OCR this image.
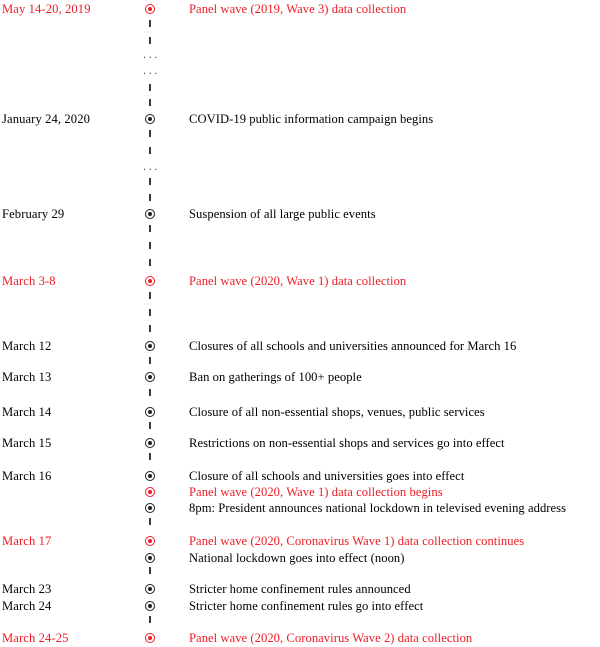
···
···
···
May 14-20, 2019	Panel wave (2019, Wave 3) data collection
January 24, 2020	COVID-19 public information campaign begins
February 29	Suspension of all large public events
March 3-8	Panel wave (2020, Wave 1) data collection
March 12	Closures of all schools and universities announced for March 16
March 13	Ban on gatherings of 100+ people
March 14	Closure of all non-essential shops, venues, public services
March 15	Restrictions on non-essential shops and services go into effect
March 16	Closure of all schools and universities goes into effect
Panel wave (2020, Wave 1) data collection begins
8pm: President announces national lockdown in televised evening address
March 17	Panel wave (2020, Coronavirus Wave 1) data collection continues
National lockdown goes into effect (noon)
March 23	Stricter home confinement rules announced
March 24	Stricter home confinement rules go into effect
March 24-25	Panel wave (2020, Coronavirus Wave 2) data collection
